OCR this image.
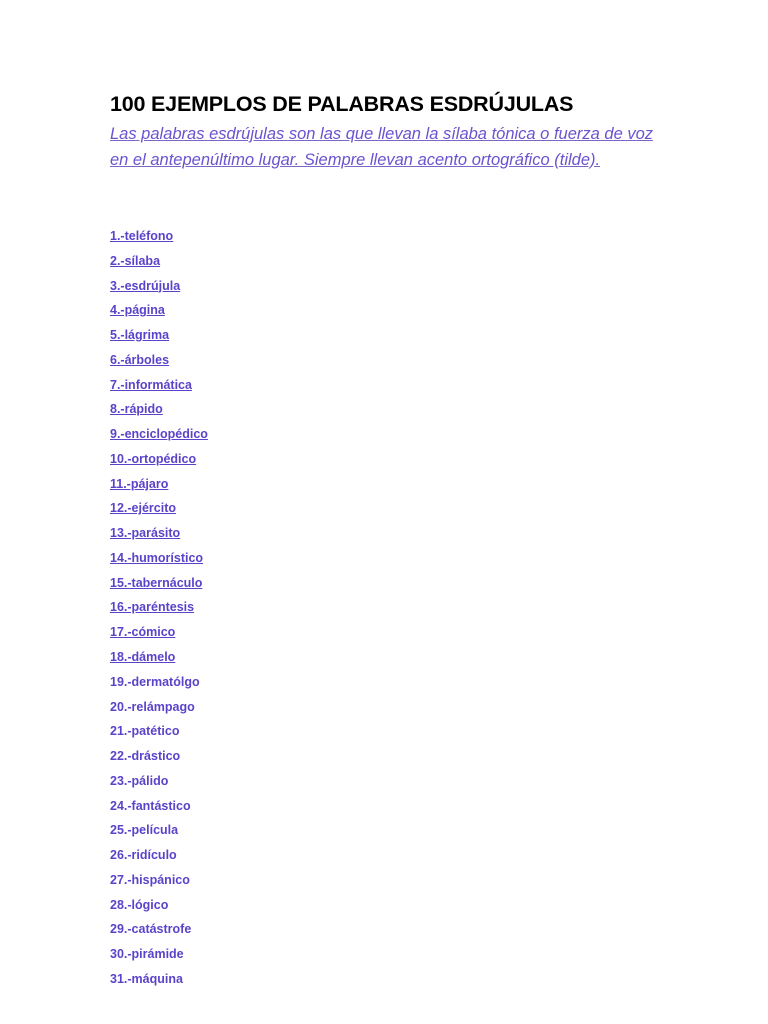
100 EJEMPLOS DE PALABRAS ESDRÚJULAS

Las palabras esdrújulas son las que llevan la sílaba tónica o fuerza de voz en el antepenúltimo lugar. Siempre llevan acento ortográfico (tilde).

1.-teléfono
2.-sílaba
3.-esdrújula
4.-página
5.-lágrima
6.-árboles
7.-informática
8.-rápido
9.-enciclopédico
10.-ortopédico
11.-pájaro
12.-ejército
13.-parásito
14.-humorístico
15.-tabernáculo
16.-paréntesis
17.-cómico
18.-dámelo
19.-dermatólgo
20.-relámpago
21.-patético
22.-drástico
23.-pálido
24.-fantástico
25.-película
26.-ridículo
27.-hispánico
28.-lógico
29.-catástrofe
30.-pirámide
31.-máquina
